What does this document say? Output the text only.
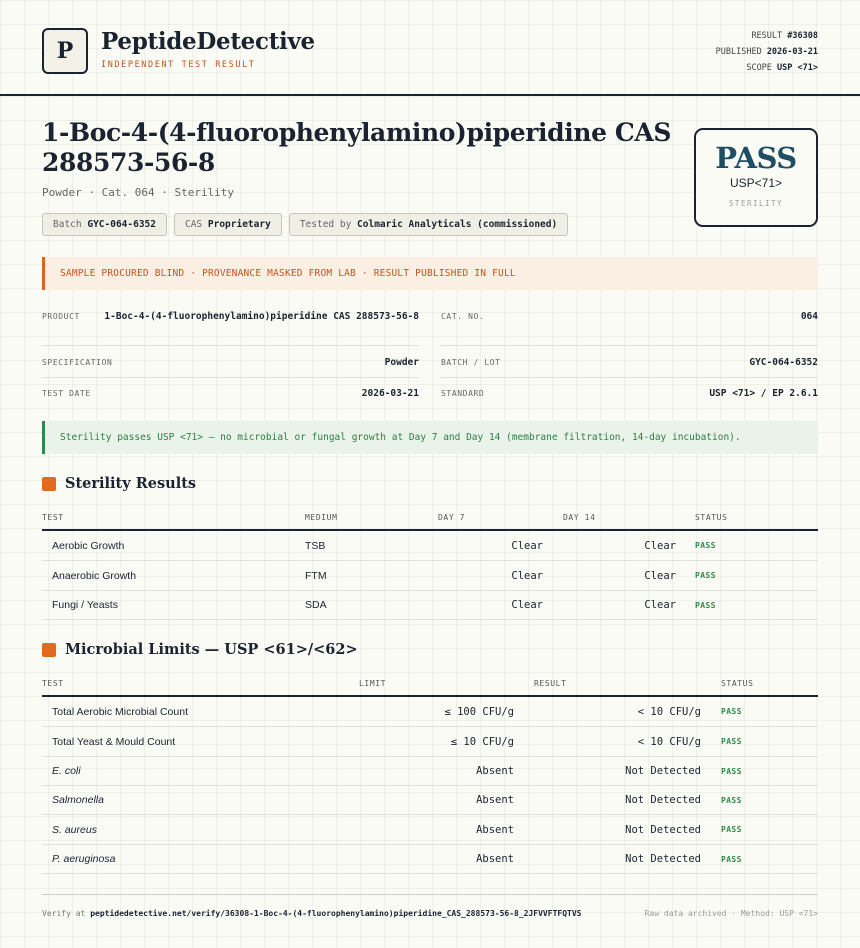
P PeptideDetective
INDEPENDENT TEST RESULT
RESULT #36308
PUBLISHED 2026-03-21
SCOPE USP <71>
1-Boc-4-(4-fluorophenylamino)piperidine CAS 288573-56-8
Powder · Cat. 064 · Sterility
Batch GYC-064-6352	CAS Proprietary	Tested by Colmaric Analyticals (commissioned)
PASS
USP<71>
STERILITY
SAMPLE PROCURED BLIND · PROVENANCE MASKED FROM LAB · RESULT PUBLISHED IN FULL
PRODUCT	1-Boc-4-(4-fluorophenylamino)piperidine CAS 288573-56-8	CAT. NO.	064
SPECIFICATION	Powder	BATCH / LOT	GYC-064-6352
TEST DATE	2026-03-21	STANDARD	USP <71> / EP 2.6.1
Sterility passes USP <71> — no microbial or fungal growth at Day 7 and Day 14 (membrane filtration, 14-day incubation).
Sterility Results
TEST	MEDIUM	DAY 7	DAY 14	STATUS
Aerobic Growth	TSB	Clear	Clear PASS
Anaerobic Growth	FTM	Clear	Clear PASS
Fungi / Yeasts	SDA	Clear	Clear PASS
Microbial Limits — USP <61>/<62>
TEST	LIMIT	RESULT	STATUS
Total Aerobic Microbial Count	≤ 100 CFU/g	< 10 CFU/g	PASS
Total Yeast & Mould Count	≤ 10 CFU/g	< 10 CFU/g	PASS
E. coli	Absent	Not Detected	PASS
Salmonella	Absent	Not Detected	PASS
S. aureus	Absent	Not Detected	PASS
P. aeruginosa	Absent	Not Detected	PASS
Verify at peptidedetective.net/verify/36308-1-Boc-4-(4-fluorophenylamino)piperidine_CAS_288573-56-8_2JFVVFTFQTVS	Raw data archived · Method: USP <71>
